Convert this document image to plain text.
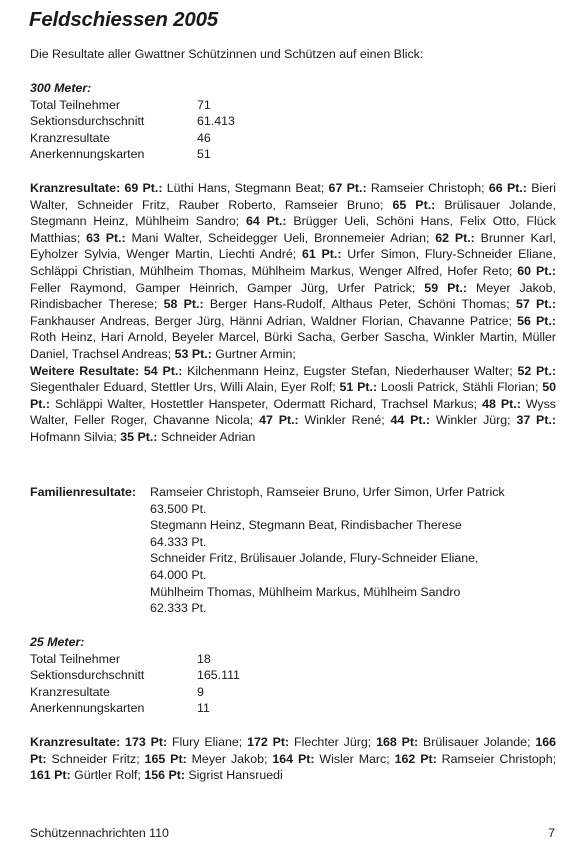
Feldschiessen 2005
Die Resultate aller Gwattner Schützinnen und Schützen auf einen Blick:
300 Meter:
Total Teilnehmer	71
Sektionsdurchschnitt	61.413
Kranzresultate	46
Anerkennungskarten	51
Kranzresultate: 69 Pt.: Lüthi Hans, Stegmann Beat; 67 Pt.: Ramseier Christoph; 66 Pt.: Bieri Walter, Schneider Fritz, Rauber Roberto, Ramseier Bruno; 65 Pt.: Brülisauer Jolande, Stegmann Heinz, Mühlheim Sandro; 64 Pt.: Brügger Ueli, Schöni Hans, Felix Otto, Flück Matthias; 63 Pt.: Mani Walter, Scheidegger Ueli, Bronnemeier Adrian; 62 Pt.: Brunner Karl, Eyholzer Sylvia, Wenger Martin, Liechti André; 61 Pt.: Urfer Simon, Flury-Schneider Eliane, Schläppi Christian, Mühlheim Thomas, Mühlheim Markus, Wenger Alfred, Hofer Reto; 60 Pt.: Feller Raymond, Gamper Heinrich, Gamper Jürg, Urfer Patrick; 59 Pt.: Meyer Jakob, Rindisbacher Therese; 58 Pt.: Berger Hans-Rudolf, Althaus Peter, Schöni Thomas; 57 Pt.: Fankhauser Andreas, Berger Jürg, Hänni Adrian, Waldner Florian, Chavanne Patrice; 56 Pt.: Roth Heinz, Hari Arnold, Beyeler Marcel, Bürki Sacha, Gerber Sascha, Winkler Martin, Müller Daniel, Trachsel Andreas; 53 Pt.: Gurtner Armin;
Weitere Resultate: 54 Pt.: Kilchenmann Heinz, Eugster Stefan, Niederhauser Walter; 52 Pt.: Siegenthaler Eduard, Stettler Urs, Willi Alain, Eyer Rolf; 51 Pt.: Loosli Patrick, Stähli Florian; 50 Pt.: Schläppi Walter, Hostettler Hanspeter, Odermatt Richard, Trachsel Markus; 48 Pt.: Wyss Walter, Feller Roger, Chavanne Nicola; 47 Pt.: Winkler René; 44 Pt.: Winkler Jürg; 37 Pt.: Hofmann Silvia; 35 Pt.: Schneider Adrian
Familienresultate: Ramseier Christoph, Ramseier Bruno, Urfer Simon, Urfer Patrick
63.500 Pt.
Stegmann Heinz, Stegmann Beat, Rindisbacher Therese
64.333 Pt.
Schneider Fritz, Brülisauer Jolande, Flury-Schneider Eliane,
64.000 Pt.
Mühlheim Thomas, Mühlheim Markus, Mühlheim Sandro
62.333 Pt.
25 Meter:
Total Teilnehmer	18
Sektionsdurchschnitt	165.111
Kranzresultate	9
Anerkennungskarten	11
Kranzresultate: 173 Pt: Flury Eliane; 172 Pt: Flechter Jürg; 168 Pt: Brülisauer Jolande; 166 Pt: Schneider Fritz; 165 Pt: Meyer Jakob; 164 Pt: Wisler Marc; 162 Pt: Ramseier Christoph; 161 Pt: Gürtler Rolf; 156 Pt: Sigrist Hansruedi
Schützennachrichten 110	7
